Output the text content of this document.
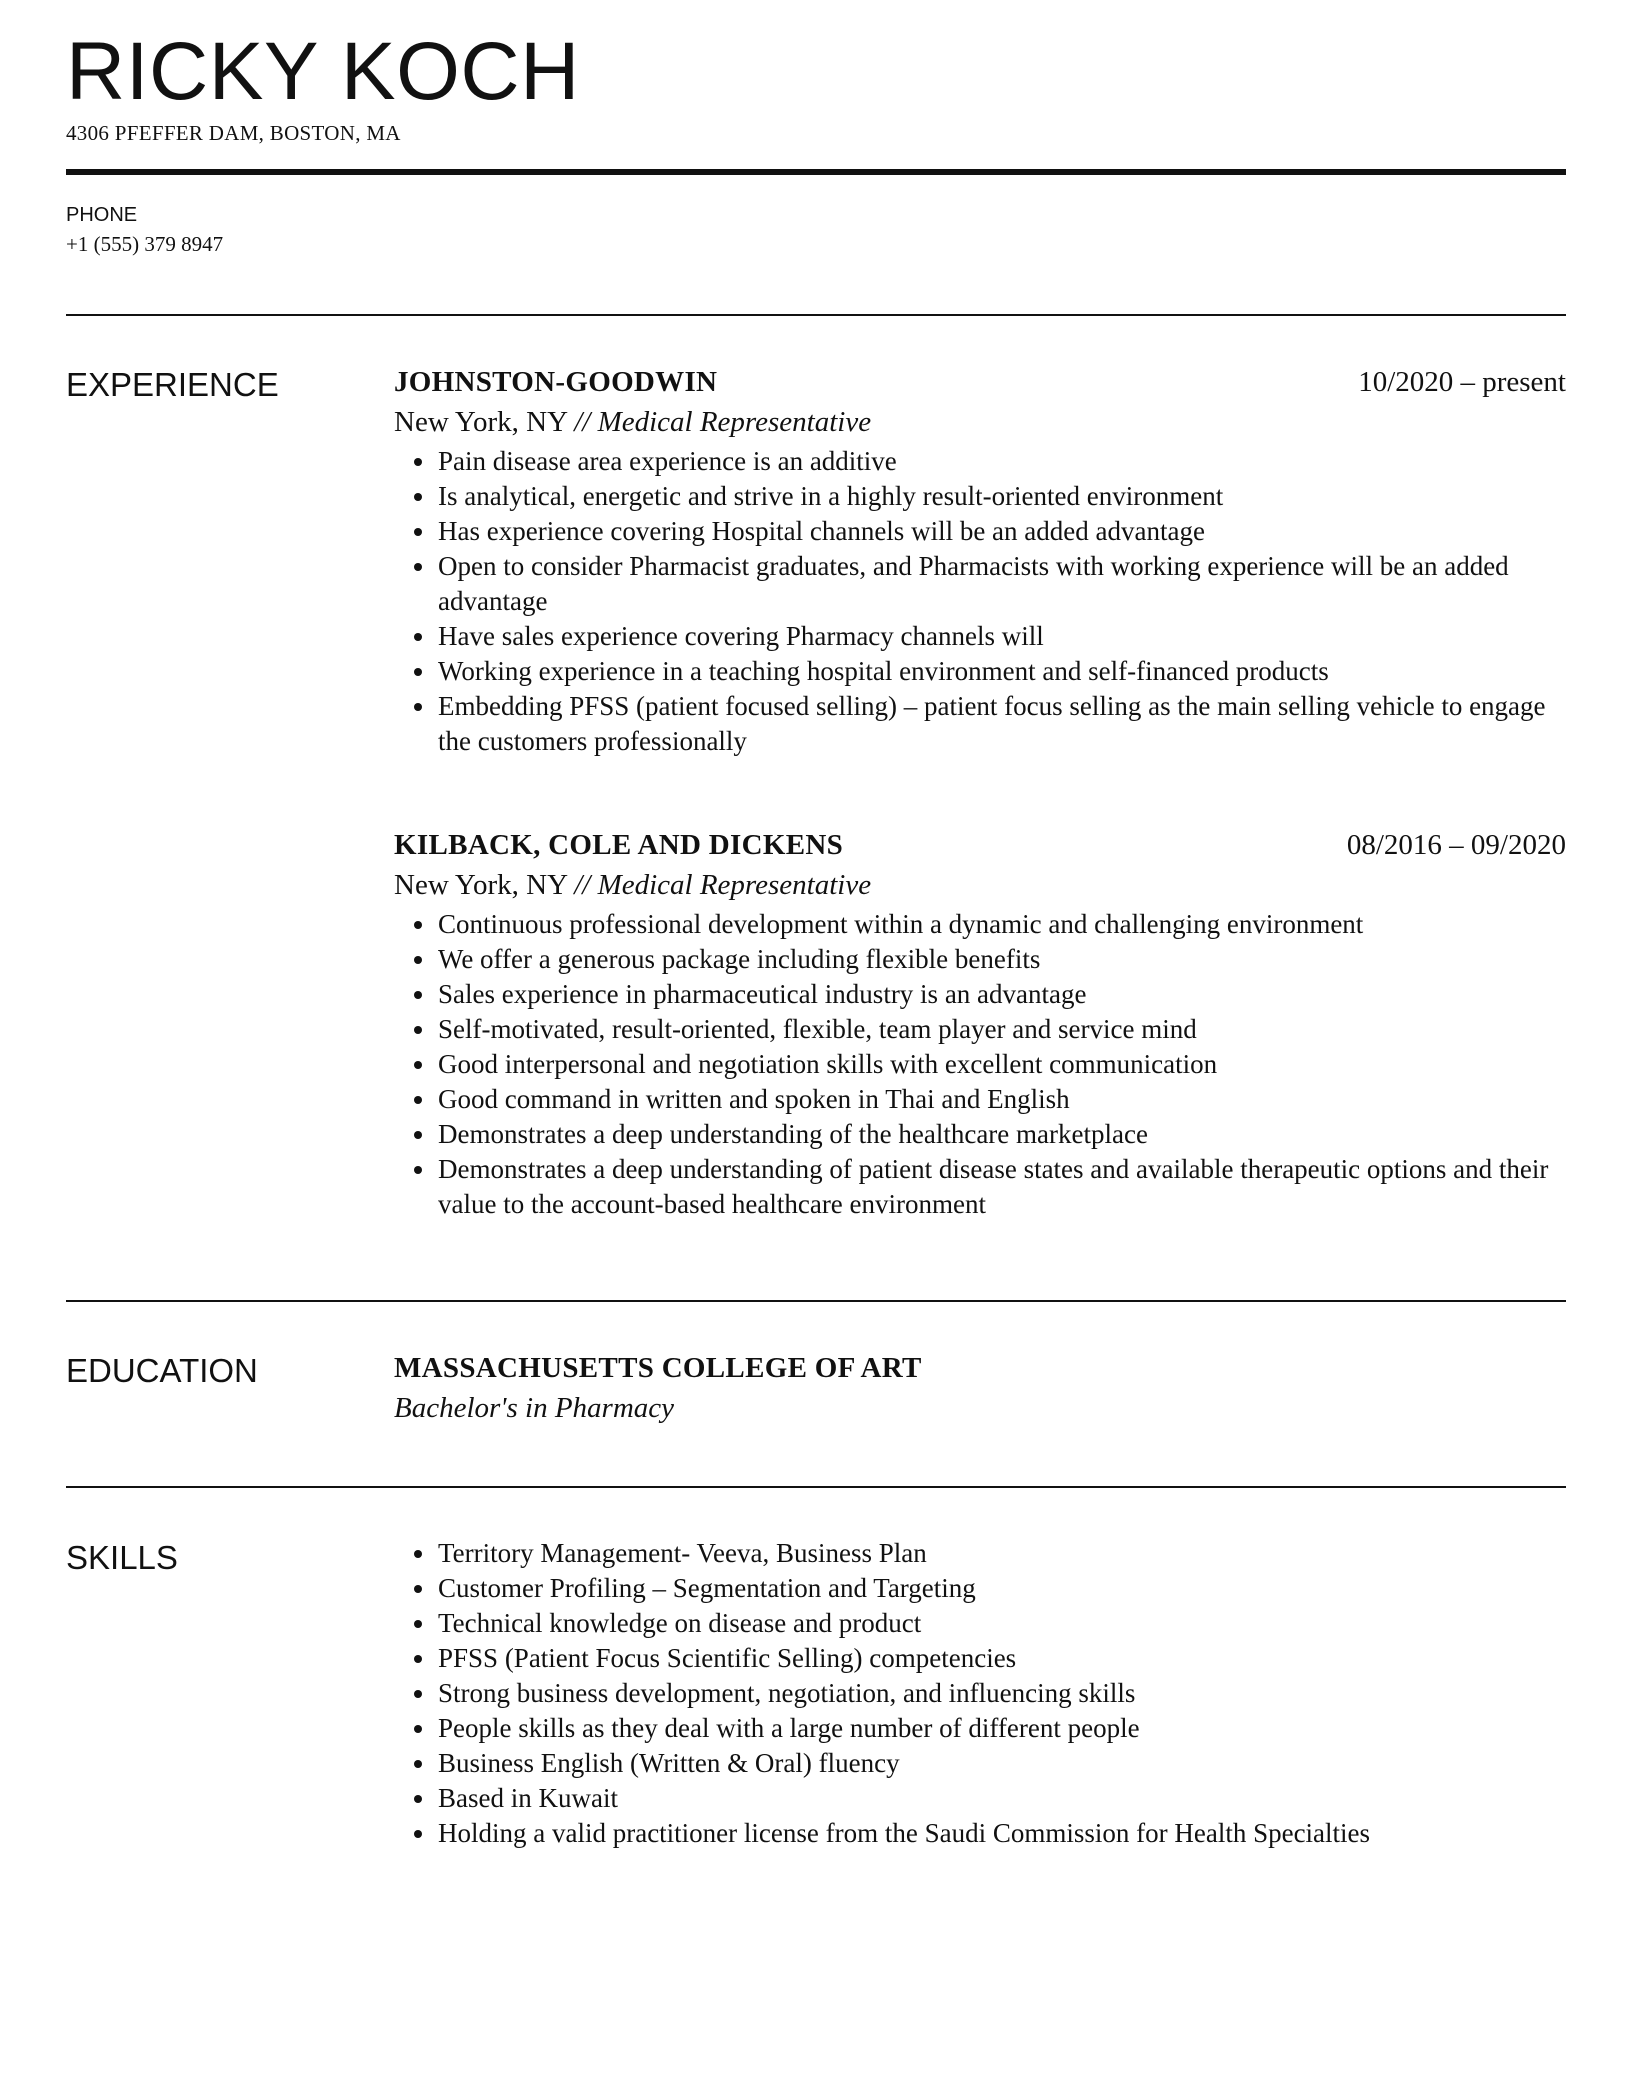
RICKY KOCH
4306 PFEFFER DAM, BOSTON, MA
PHONE
+1 (555) 379 8947
EXPERIENCE	JOHNSTON-GOODWIN	10/2020 – present
New York, NY // Medical Representative
• Pain disease area experience is an additive
• Is analytical, energetic and strive in a highly result-oriented environment
• Has experience covering Hospital channels will be an added advantage
• Open to consider Pharmacist graduates, and Pharmacists with working experience will be an added advantage
• Have sales experience covering Pharmacy channels will
• Working experience in a teaching hospital environment and self-financed products
• Embedding PFSS (patient focused selling) – patient focus selling as the main selling vehicle to engage the customers professionally
KILBACK, COLE AND DICKENS	08/2016 – 09/2020
New York, NY // Medical Representative
• Continuous professional development within a dynamic and challenging environment
• We offer a generous package including flexible benefits
• Sales experience in pharmaceutical industry is an advantage
• Self-motivated, result-oriented, flexible, team player and service mind
• Good interpersonal and negotiation skills with excellent communication
• Good command in written and spoken in Thai and English
• Demonstrates a deep understanding of the healthcare marketplace
• Demonstrates a deep understanding of patient disease states and available therapeutic options and their value to the account-based healthcare environment
EDUCATION	MASSACHUSETTS COLLEGE OF ART
Bachelor's in Pharmacy
SKILLS
•	Territory Management- Veeva, Business Plan
• Customer Profiling – Segmentation and Targeting
• Technical knowledge on disease and product
• PFSS (Patient Focus Scientific Selling) competencies
• Strong business development, negotiation, and influencing skills
• People skills as they deal with a large number of different people
• Business English (Written & Oral) fluency
• Based in Kuwait
• Holding a valid practitioner license from the Saudi Commission for Health Specialties
